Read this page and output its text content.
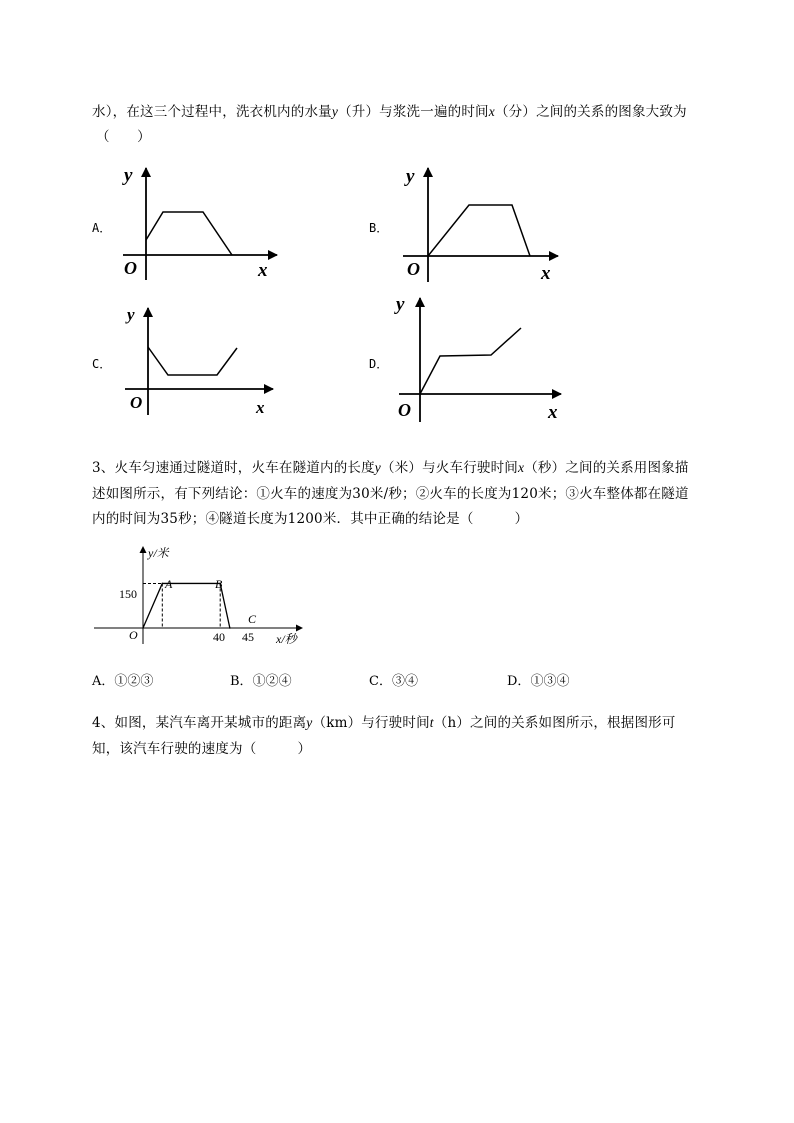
水），在这三个过程中，洗衣机内的水量y（升）与浆洗一遍的时间x（分）之间的关系的图象大致为
（　　）
A．
y
x
O
B．
y
x
O
C．
y
x
O
D．
y
x
O
3、火车匀速通过隧道时，火车在隧道内的长度y（米）与火车行驶时间x（秒）之间的关系用图象描
述如图所示，有下列结论：①火车的速度为30米/秒；②火车的长度为120米；③火车整体都在隧道
内的时间为35秒；④隧道长度为1200米．其中正确的结论是（　　　）
y/米
x/秒
O
150
40 45
A	B
C
A．①②③	B．①②④	C．③④	D．①③④
4、如图，某汽车离开某城市的距离y（km）与行驶时间t（h）之间的关系如图所示，根据图形可
知，该汽车行驶的速度为（　　　）
